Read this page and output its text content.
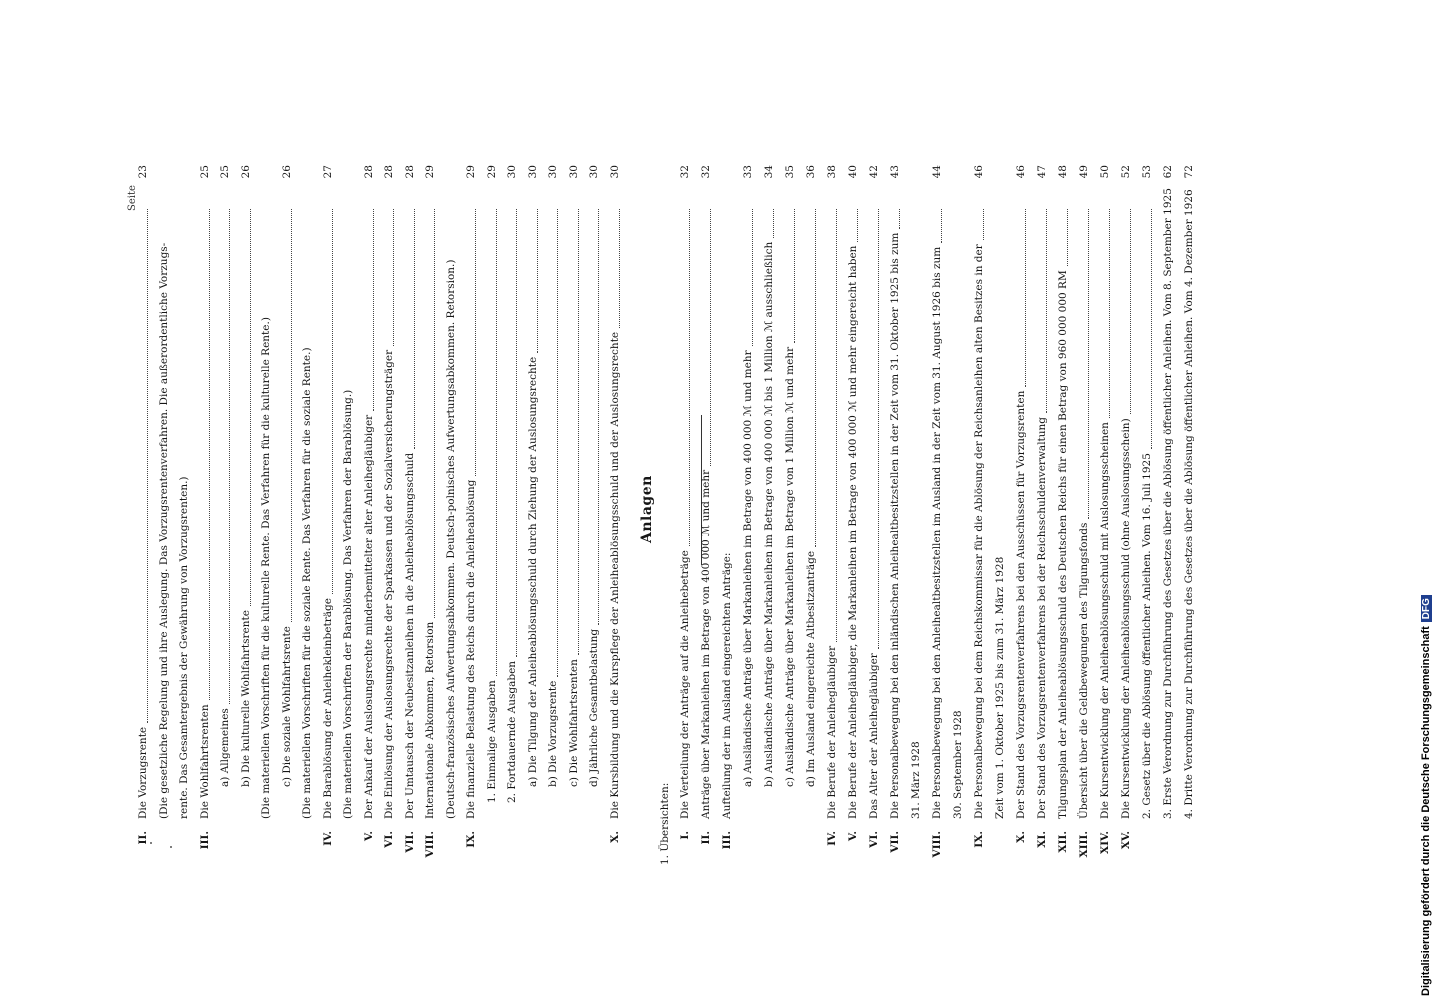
Seite
II.
Die Vorzugsrente
23
(Die gesetzliche Regelung und ihre Auslegung. Das Vorzugsrentenverfahren. Die außerordentliche Vorzugs- rente. Das Gesamtergebnis der Gewährung von Vorzugsrenten.)
III.
Die Wohlfahrtsrenten
25
a) Allgemeines
25
b) Die kulturelle Wohlfahrtsrente
26
(Die materiellen Vorschriften für die kulturelle Rente. Das Verfahren für die kulturelle Rente.) c) Die soziale Wohlfahrtsrente
26
(Die materiellen Vorschriften für die soziale Rente. Das Verfahren für die soziale Rente.)
IV.
Die Barablösung der Anleihekleinbeträge
27
(Die materiellen Vorschriften der Barablösung. Das Verfahren der Barablösung.)
V.
Der Ankauf der Auslosungsrechte minderbemittelter alter Anleihegläubiger
28
VI.
Die Einlösung der Auslosungsrechte der Sparkassen und der Sozialversicherungsträger
28
VII.
Der Umtausch der Neubesitzanleihen in die Anleiheablösungsschuld
28
VIII.
Internationale Abkommen, Retorsion
29
(Deutsch-französisches Aufwertungsabkommen. Deutsch-polnisches Aufwertungsabkommen. Retorsion.)
IX.
Die finanzielle Belastung des Reichs durch die Anleiheablösung
29
1. Einmalige Ausgaben
29
2. Fortdauernde Ausgaben
30
a) Die Tilgung der Anleiheablösungsschuld durch Ziehung der Auslosungsrechte
30
b) Die Vorzugsrente
30
c) Die Wohlfahrtsrenten
30
d) Jährliche Gesamtbelastung
30
X.
Die Kursbildung und die Kurspflege der Anleiheablösungsschuld und der Auslosungsrechte
30
Anlagen
1. Übersichten: I.
Die Verteilung der Anträge auf die Anleihebeträge
32
II.
Anträge über Markanleihen im Betrage von 400 000 ℳ und mehr
32
III.
Aufteilung der im Ausland eingereichten Anträge: a) Ausländische Anträge über Markanleihen im Betrage von 400 000 ℳ und mehr
33
b) Ausländische Anträge über Markanleihen im Betrage von 400 000 ℳ bis 1 Million ℳ ausschließlich
34
c) Ausländische Anträge über Markanleihen im Betrage von 1 Million ℳ und mehr
35
d) Im Ausland eingereichte Altbesitzanträge
36
IV.
Die Berufe der Anleihegläubiger
38
V.
Die Berufe der Anleihegläubiger, die Markanleihen im Betrage von 400 000 ℳ und mehr eingereicht haben
40
VI.
Das Alter der Anleihegläubiger
42
VII.
Die Personalbewegung bei den inländischen Anleihealtbesitzstellen in der Zeit vom 31. Oktober 1925 bis zum
43
31. März 1928
VIII.
Die Personalbewegung bei den Anleihealtbesitzstellen im Ausland in der Zeit vom 31. August 1926 bis zum
44
30. September 1928
IX.
Die Personalbewegung bei dem Reichskommissar für die Ablösung der Reichsanleihen alten Besitzes in der
46
Zeit vom 1. Oktober 1925 bis zum 31. März 1928
X.
Der Stand des Vorzugsrentenverfahrens bei den Ausschüssen für Vorzugsrenten
46
XI.
Der Stand des Vorzugsrentenverfahrens bei der Reichsschuldenverwaltung
47
XII.
Tilgungsplan der Anleiheablösungsschuld des Deutschen Reichs für einen Betrag von 960 000 000 RM
48
XIII.
Übersicht über die Geldbewegungen des Tilgungsfonds
49
XIV.
Die Kursentwicklung der Anleiheablösungsschuld mit Auslosungsscheinen
50
XV.
Die Kursentwicklung der Anleiheablösungsschuld (ohne Auslosungsschein)
52
2. Gesetz über die Ablösung öffentlicher Anleihen. Vom 16. Juli 1925
53
3. Erste Verordnung zur Durchführung des Gesetzes über die Ablösung öffentlicher Anleihen. Vom 8. September 1925
62
4. Dritte Verordnung zur Durchführung des Gesetzes über die Ablösung öffentlicher Anleihen. Vom 4. Dezember 1926
72
Digitalisierung gefördert durch die Deutsche ForschungsgemeinschaftDFG
